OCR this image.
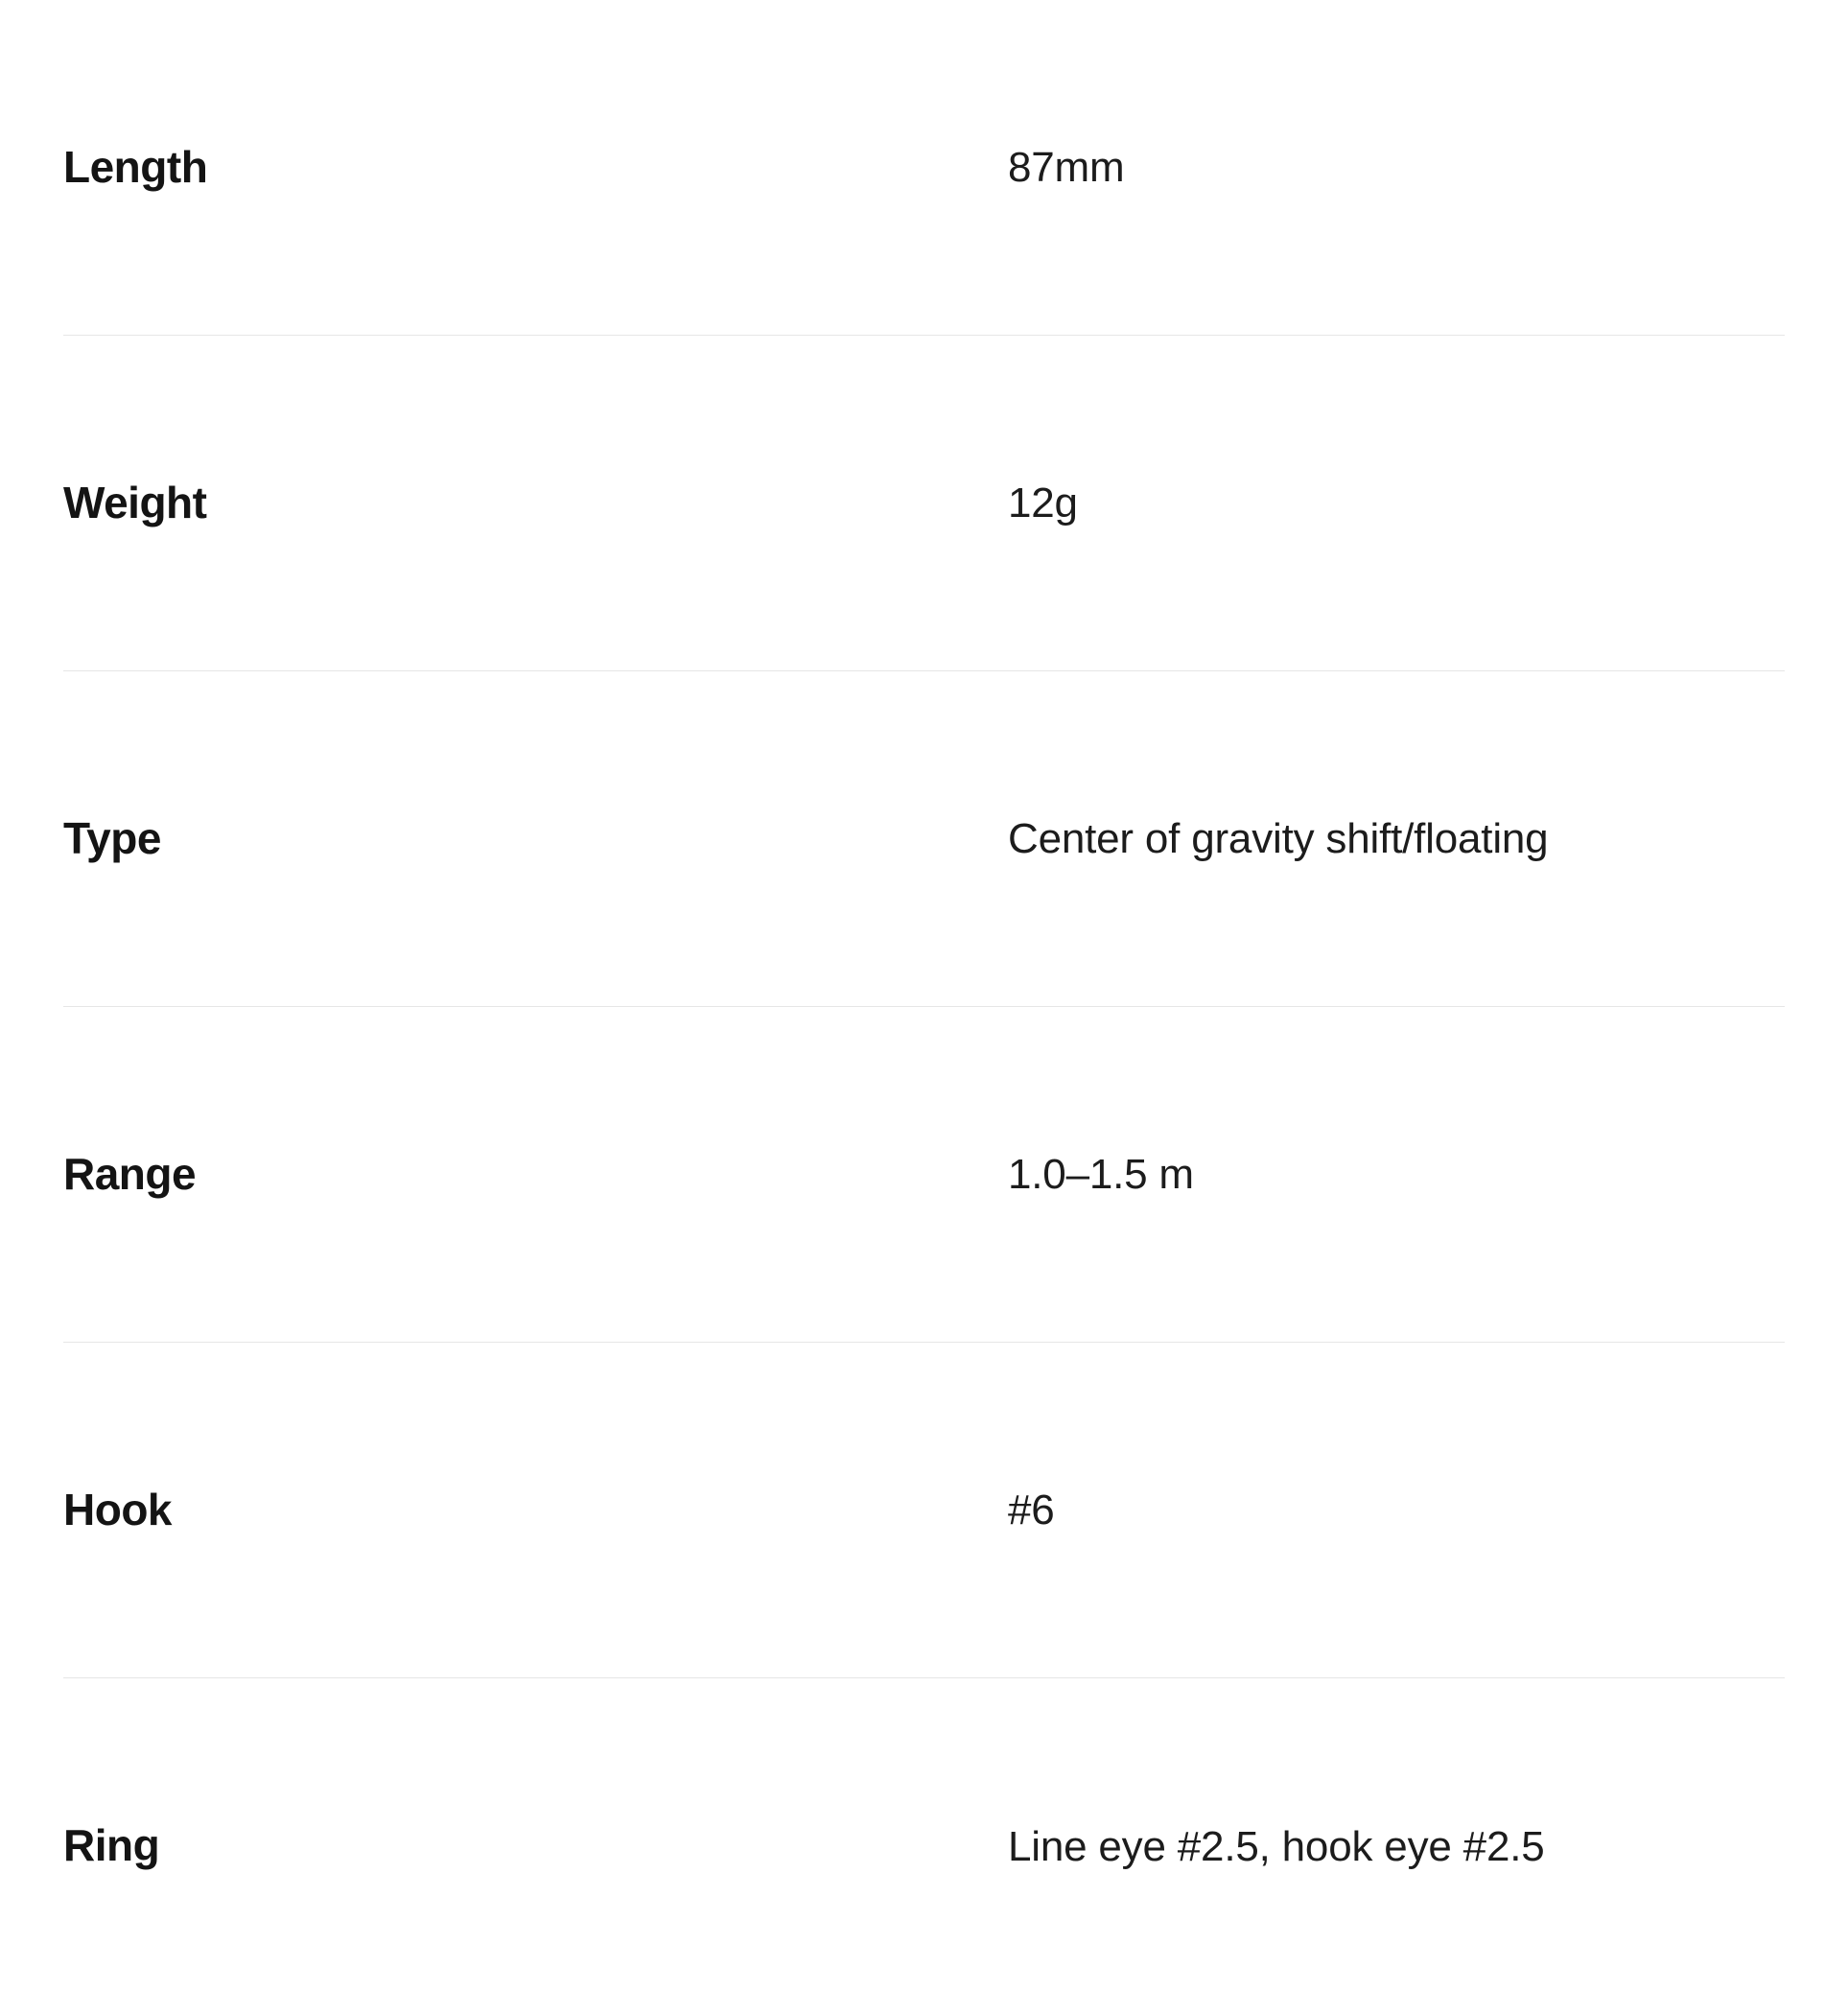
Length	87mm
Weight	12g
Type	Center of gravity shift/floating
Range	1.0–1.5 m
Hook	#6
Ring	Line eye #2.5, hook eye #2.5
